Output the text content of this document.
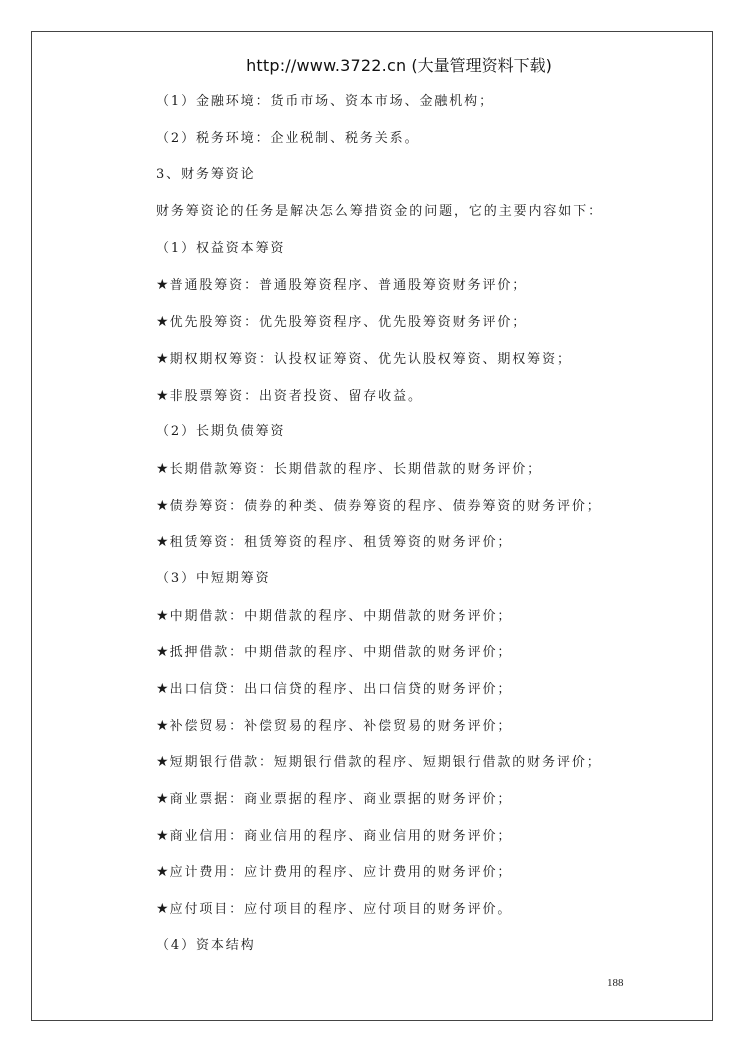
http://www.3722.cn (大量管理资料下载)
（1）金融环境：货币市场、资本市场、金融机构；
（2）税务环境：企业税制、税务关系。
3、财务筹资论
财务筹资论的任务是解决怎么筹措资金的问题，它的主要内容如下：
（1）权益资本筹资
★普通股筹资：普通股筹资程序、普通股筹资财务评价；
★优先股筹资：优先股筹资程序、优先股筹资财务评价；
★期权期权筹资：认投权证筹资、优先认股权筹资、期权筹资；
★非股票筹资：出资者投资、留存收益。
（2）长期负债筹资
★长期借款筹资：长期借款的程序、长期借款的财务评价；
★债券筹资：债券的种类、债券筹资的程序、债券筹资的财务评价；
★租赁筹资：租赁筹资的程序、租赁筹资的财务评价；
（3）中短期筹资
★中期借款：中期借款的程序、中期借款的财务评价；
★抵押借款：中期借款的程序、中期借款的财务评价；
★出口信贷：出口信贷的程序、出口信贷的财务评价；
★补偿贸易：补偿贸易的程序、补偿贸易的财务评价；
★短期银行借款：短期银行借款的程序、短期银行借款的财务评价；
★商业票据：商业票据的程序、商业票据的财务评价；
★商业信用：商业信用的程序、商业信用的财务评价；
★应计费用：应计费用的程序、应计费用的财务评价；
★应付项目：应付项目的程序、应付项目的财务评价。
（4）资本结构
188
